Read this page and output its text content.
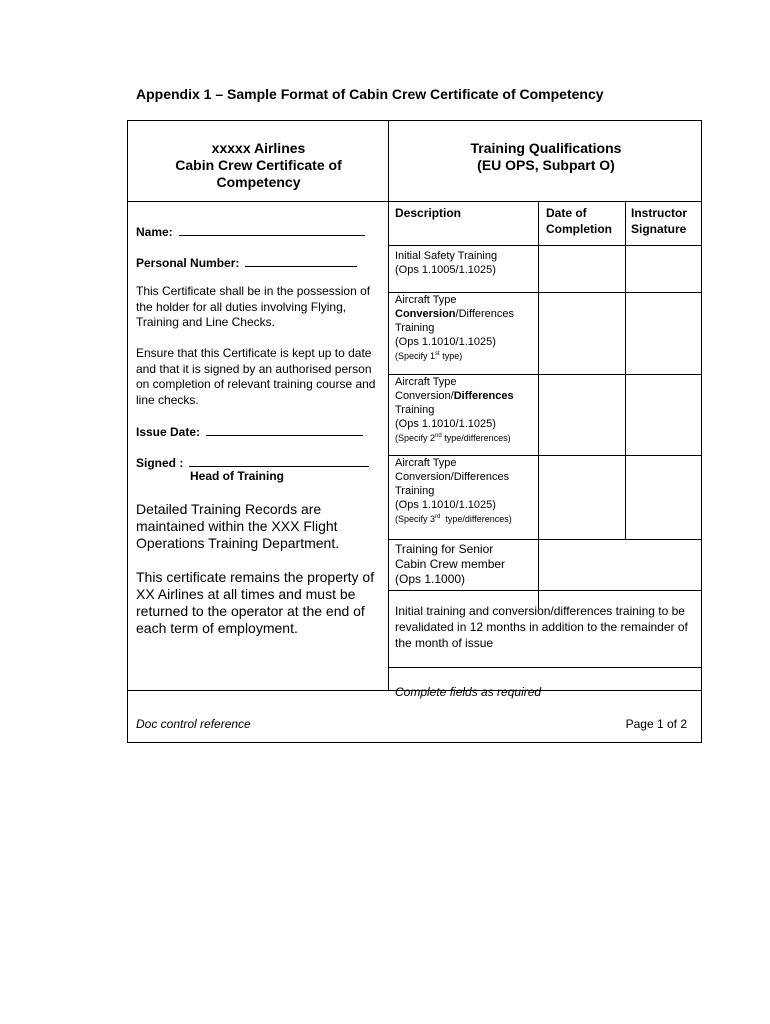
Appendix 1 – Sample Format of Cabin Crew Certificate of Competency
xxxxx Airlines
Cabin Crew Certificate of
Competency
Training Qualifications
(EU OPS, Subpart O)
Name:
Personal Number:
This Certificate shall be in the possession of the holder for all duties involving Flying, Training and Line Checks.
Ensure that this Certificate is kept up to date and that it is signed by an authorised person on completion of relevant training course and line checks.
Issue Date:
Signed :
Head of Training
Detailed Training Records are maintained within the XXX Flight Operations Training Department.
This certificate remains the property of XX Airlines at all times and must be returned to the operator at the end of each term of employment.
Description	Date of
Completion
Instructor
Signature
Initial Safety Training
(Ops 1.1005/1.1025)
Aircraft Type
Conversion/Differences
Training
(Ops 1.1010/1.1025)
(Specify 1st type)
Aircraft Type
Conversion/Differences
Training
(Ops 1.1010/1.1025)
(Specify 2nd type/differences)
Aircraft Type
Conversion/Differences
Training
(Ops 1.1010/1.1025)
(Specify 3rd  type/differences)
Training for Senior
Cabin Crew member
(Ops 1.1000)
Initial training and conversion/differences training to be revalidated in 12 months in addition to the remainder of the month of issue
Complete fields as required
Doc control reference	Page 1 of 2
